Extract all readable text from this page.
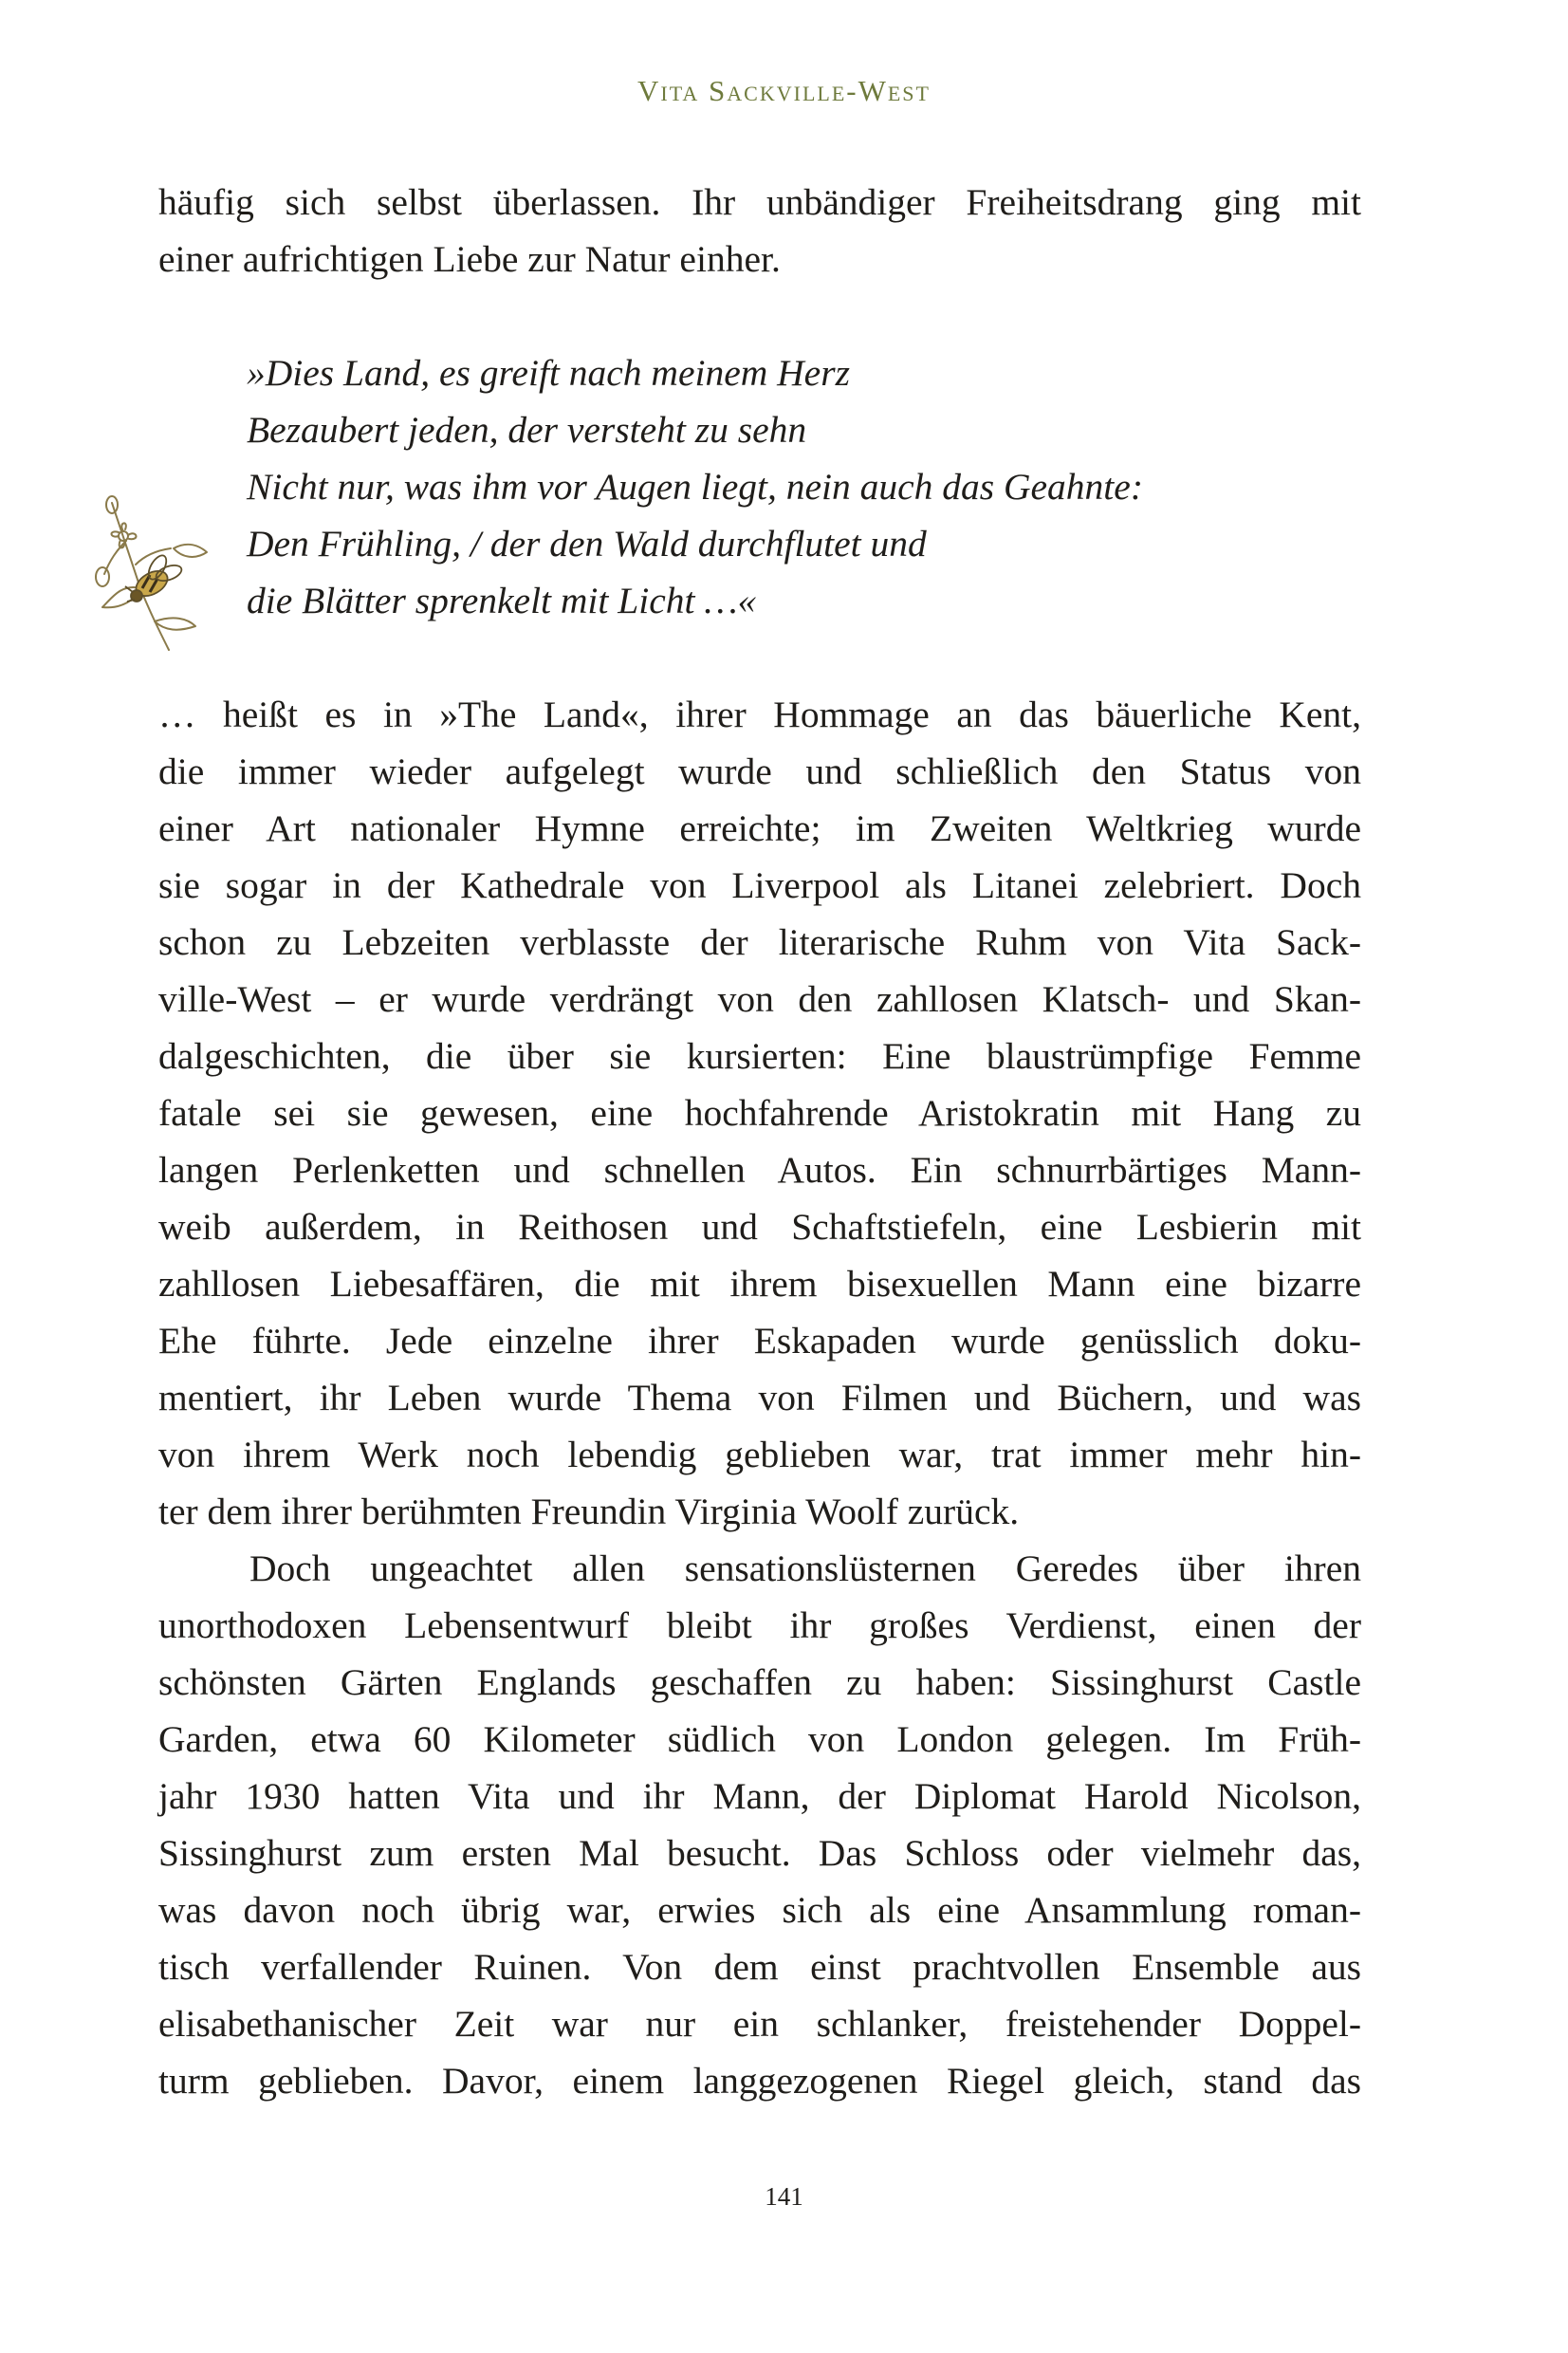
Vita Sackville-West
häufig sich selbst überlassen. Ihr unbändiger Freiheitsdrang ging mit
einer aufrichtigen Liebe zur Natur einher.
»Dies Land, es greift nach meinem Herz
Bezaubert jeden, der versteht zu sehn
Nicht nur, was ihm vor Augen liegt, nein auch das Geahnte:
Den Frühling, / der den Wald durchflutet und
die Blätter sprenkelt mit Licht …«
… heißt es in »The Land«, ihrer Hommage an das bäuerliche Kent,
die immer wieder aufgelegt wurde und schließlich den Status von
einer Art nationaler Hymne erreichte; im Zweiten Weltkrieg wurde
sie sogar in der Kathedrale von Liverpool als Litanei zelebriert. Doch
schon zu Lebzeiten verblasste der literarische Ruhm von Vita Sack-
ville-West – er wurde verdrängt von den zahllosen Klatsch- und Skan-
dalgeschichten, die über sie kursierten: Eine blaustrümpfige Femme
fatale sei sie gewesen, eine hochfahrende Aristokratin mit Hang zu
langen Perlenketten und schnellen Autos. Ein schnurrbärtiges Mann-
weib außerdem, in Reithosen und Schaftstiefeln, eine Lesbierin mit
zahllosen Liebesaffären, die mit ihrem bisexuellen Mann eine bizarre
Ehe führte. Jede einzelne ihrer Eskapaden wurde genüsslich doku-
mentiert, ihr Leben wurde Thema von Filmen und Büchern, und was
von ihrem Werk noch lebendig geblieben war, trat immer mehr hin-
ter dem ihrer berühmten Freundin Virginia Woolf zurück.
Doch ungeachtet allen sensationslüsternen Geredes über ihren
unorthodoxen Lebensentwurf bleibt ihr großes Verdienst, einen der
schönsten Gärten Englands geschaffen zu haben: Sissinghurst Castle
Garden, etwa 60 Kilometer südlich von London gelegen. Im Früh-
jahr 1930 hatten Vita und ihr Mann, der Diplomat Harold Nicolson,
Sissinghurst zum ersten Mal besucht. Das Schloss oder vielmehr das,
was davon noch übrig war, erwies sich als eine Ansammlung roman-
tisch verfallender Ruinen. Von dem einst prachtvollen Ensemble aus
elisabethanischer Zeit war nur ein schlanker, freistehender Doppel-
turm geblieben. Davor, einem langgezogenen Riegel gleich, stand das
141
